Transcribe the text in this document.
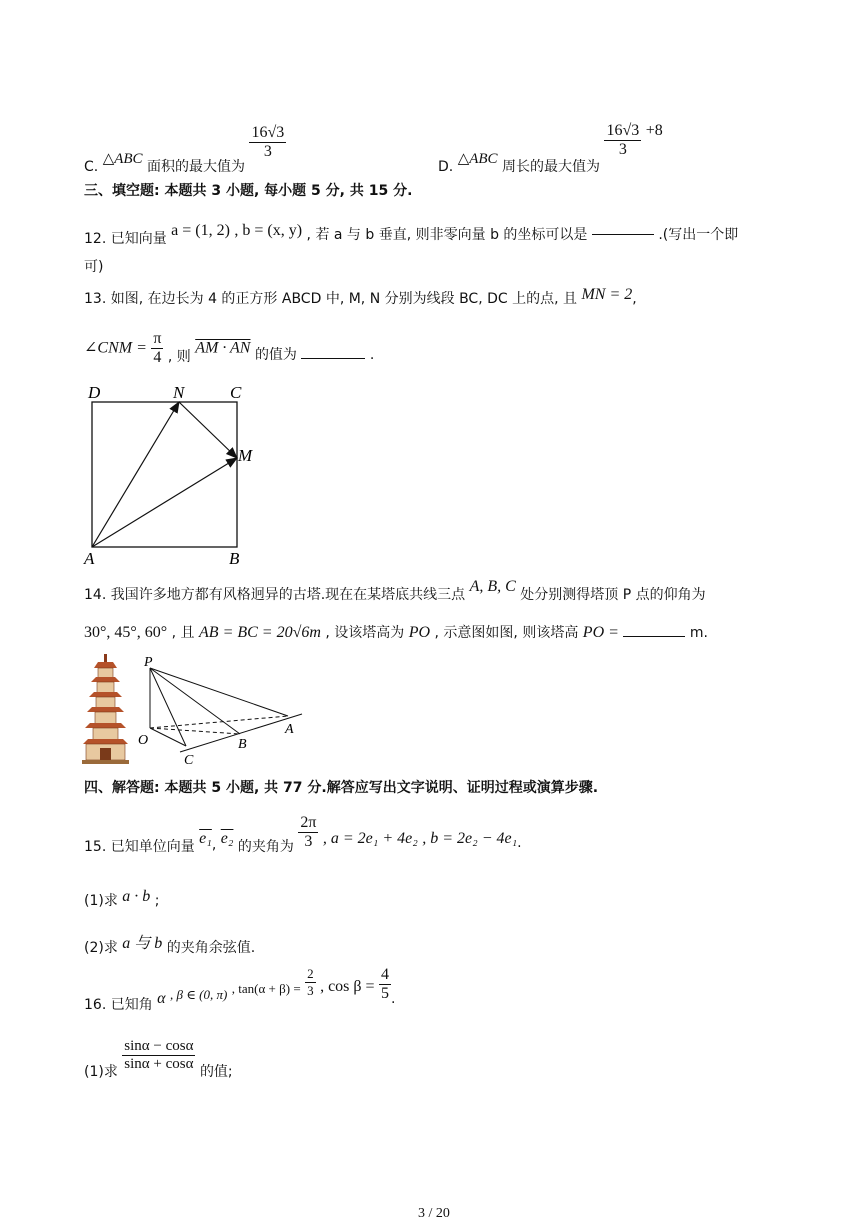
C. △ABC 面积的最大值为
$\frac{16√3}{3}$
D. △ABC 周长的最大值为
$\frac{16√3}{3} +8$
三、填空题: 本题共 3 小题, 每小题 5 分, 共 15 分.
12. 已知向量 a = (1, 2) , b = (x, y) , 若 a 与 b 垂直, 则非零向量 b 的坐标可以是	.(写出一个即
可)
13. 如图, 在边长为 4 的正方形 ABCD 中, M, N 分别为线段 BC, DC 上的点, 且 MN = 2,
∠CNM = $\frac{\pi}{4}$ , 则 AM · AN 的值为	.
D	N	C
M
A	B
14. 我国许多地方都有风格迥异的古塔.现在在某塔底共线三点 A, B, C 处分别测得塔顶 P 点的仰角为
30°, 45°, 60° , 且 AB = BC = 20√6m , 设该塔高为 PO , 示意图如图, 则该塔高 PO =	m.
P
O
C
B
A
四、解答题: 本题共 5 小题, 共 77 分.解答应写出文字说明、证明过程或演算步骤.
15. 已知单位向量 e₁, e₂ 的夹角为 $\frac{2\pi}{3}$ , a = 2e₁ + 4e₂ , b = 2e₂ − 4e₁.
(1)求 a · b ;
(2)求 a 与 b 的夹角余弦值.
16. 已知角 α , β ∈ (0, π) , $\tan(\alpha + \beta) = \frac{2}{3}$ , $\cos \beta = \frac{4}{5}$ .
(1)求 $\frac{\sin\alpha - \cos\alpha}{\sin\alpha + \cos\alpha}$ 的值;
3 / 20
